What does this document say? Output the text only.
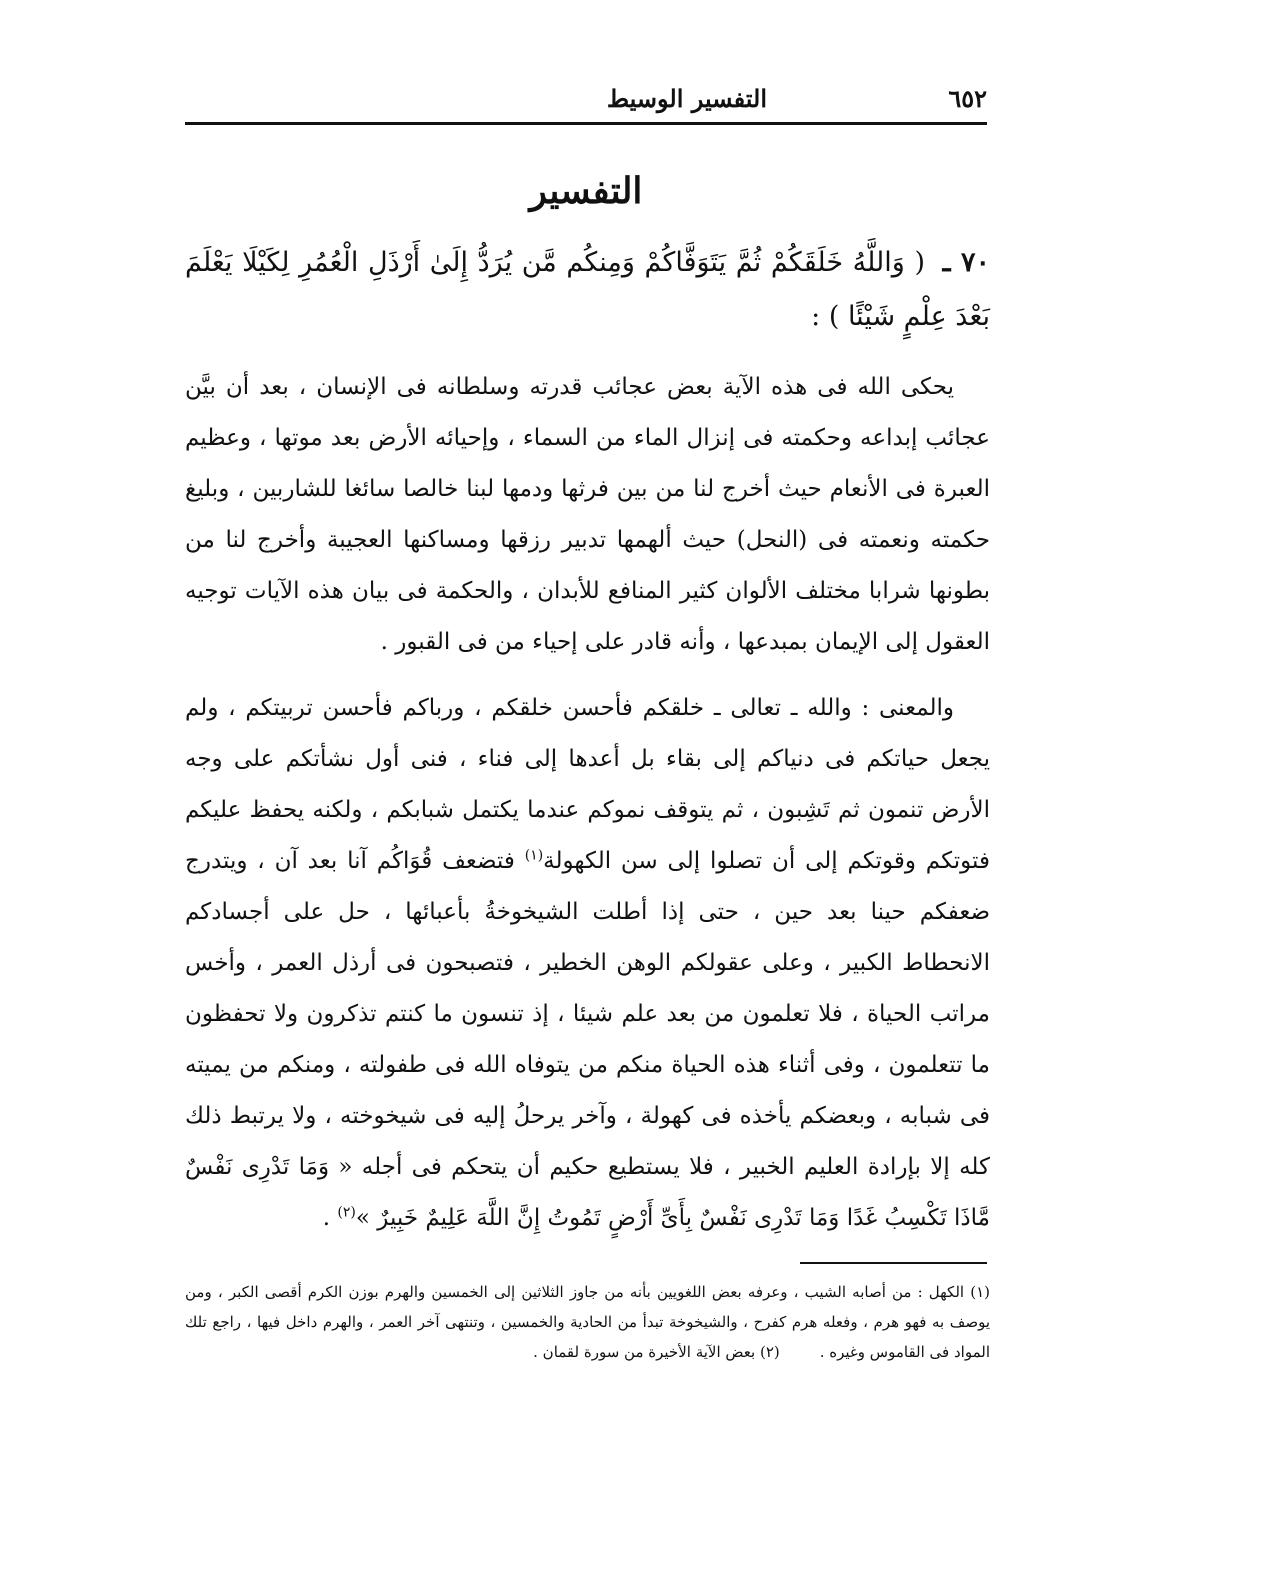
٦٥٢
التفسير الوسيط
التفسير
٧٠ ـ ( وَاللَّهُ خَلَقَكُمْ ثُمَّ يَتَوَفَّاكُمْ وَمِنكُم مَّن يُرَدُّ إِلَىٰ أَرْذَلِ الْعُمُرِ لِكَيْلَا يَعْلَمَ بَعْدَ عِلْمٍ شَيْئًا ) :
يحكى الله فى هذه الآية بعض عجائب قدرته وسلطانه فى الإنسان ، بعد أن بيَّن عجائب إبداعه وحكمته فى إنزال الماء من السماء ، وإحيائه الأرض بعد موتها ، وعظيم العبرة فى الأنعام حيث أخرج لنا من بين فرثها ودمها لبنا خالصا سائغا للشاربين ، وبليغ حكمته ونعمته فى (النحل) حيث ألهمها تدبير رزقها ومساكنها العجيبة وأخرج لنا من بطونها شرابا مختلف الألوان كثير المنافع للأبدان ، والحكمة فى بيان هذه الآيات توجيه العقول إلى الإيمان بمبدعها ، وأنه قادر على إحياء من فى القبور .
والمعنى : والله ـ تعالى ـ خلقكم فأحسن خلقكم ، ورباكم فأحسن تربيتكم ، ولم يجعل حياتكم فى دنياكم إلى بقاء بل أعدها إلى فناء ، فنى أول نشأتكم على وجه الأرض تنمون ثم تَشِبون ، ثم يتوقف نموكم عندما يكتمل شبابكم ، ولكنه يحفظ عليكم فتوتكم وقوتكم إلى أن تصلوا إلى سن الكهولة$^{(١)}$ فتضعف قُوَاكُم آنا بعد آن ، ويتدرج ضعفكم حينا بعد حين ، حتى إذا أطلت الشيخوخةُ بأعبائها ، حل على أجسادكم الانحطاط الكبير ، وعلى عقولكم الوهن الخطير ، فتصبحون فى أرذل العمر ، وأخس مراتب الحياة ، فلا تعلمون من بعد علم شيئا ، إذ تنسون ما كنتم تذكرون ولا تحفظون ما تتعلمون ، وفى أثناء هذه الحياة منكم من يتوفاه الله فى طفولته ، ومنكم من يميته فى شبابه ، وبعضكم يأخذه فى كهولة ، وآخر يرحلُ إليه فى شيخوخته ، ولا يرتبط ذلك كله إلا بإرادة العليم الخبير ، فلا يستطيع حكيم أن يتحكم فى أجله « وَمَا تَدْرِى نَفْسٌ مَّاذَا تَكْسِبُ غَدًا وَمَا تَدْرِى نَفْسٌ بِأَىِّ أَرْضٍ تَمُوتُ إِنَّ اللَّهَ عَلِيمٌ خَبِيرٌ »$^{(٢)}$ .

(١) الكهل : من أصابه الشيب ، وعرفه بعض اللغويين بأنه من جاوز الثلاثين إلى الخمسين والهرم بوزن الكرم أقصى الكبر ، ومن يوصف به فهو هرم ، وفعله هرم كفرح ، والشيخوخة تبدأ من الحادية والخمسين ، وتنتهى آخر العمر ، والهرم داخل فيها ، راجع تلك المواد فى القاموس وغيره .(٢) بعض الآية الأخيرة من سورة لقمان .
